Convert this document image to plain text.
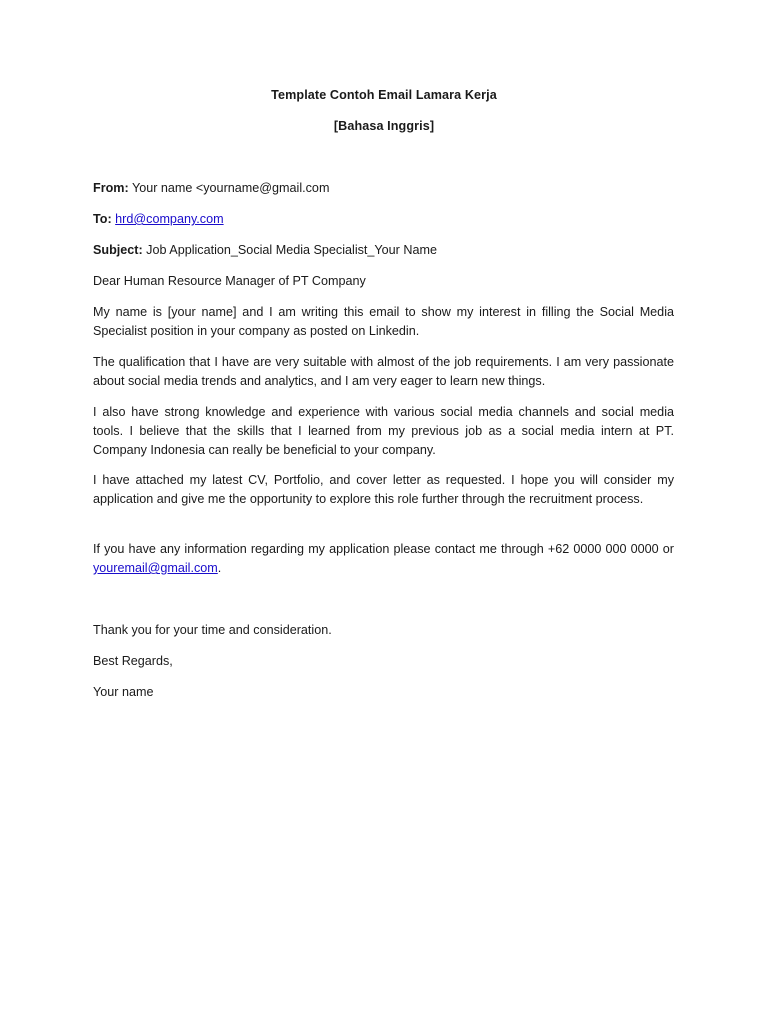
Template Contoh Email Lamara Kerja
[Bahasa Inggris]
From: Your name <yourname@gmail.com
To: hrd@company.com
Subject: Job Application_Social Media Specialist_Your Name
Dear Human Resource Manager of PT Company

My name is [your name] and I am writing this email to show my interest in filling the Social Media Specialist position in your company as posted on Linkedin.

The qualification that I have are very suitable with almost of the job requirements. I am very passionate about social media trends and analytics, and I am very eager to learn new things.

I also have strong knowledge and experience with various social media channels and social media tools. I believe that the skills that I learned from my previous job as a social media intern at PT. Company Indonesia can really be beneficial to your company.

I have attached my latest CV, Portfolio, and cover letter as requested. I hope you will consider my application and give me the opportunity to explore this role further through the recruitment process.

If you have any information regarding my application please contact me through +62 0000 000 0000 or youremail@gmail.com.

Thank you for your time and consideration.
Best Regards,
Your name
